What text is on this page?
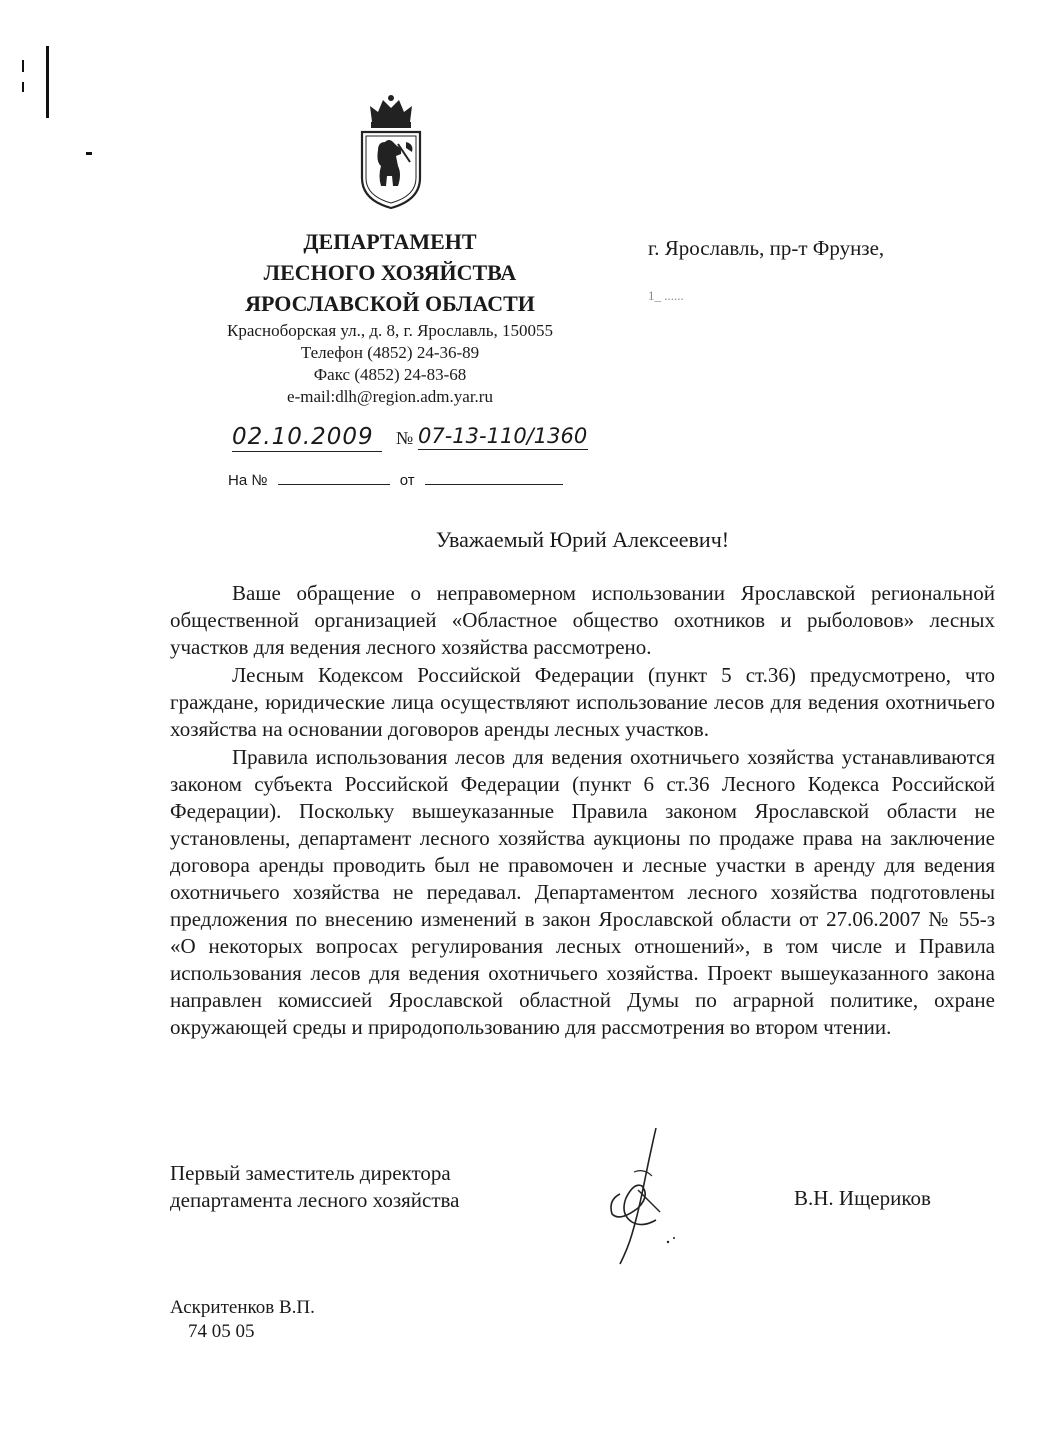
ДЕПАРТАМЕНТ
ЛЕСНОГО ХОЗЯЙСТВА
ЯРОСЛАВСКОЙ ОБЛАСТИ
Красноборская ул., д. 8, г. Ярославль, 150055
Телефон (4852) 24-36-89
Факс (4852) 24-83-68
e-mail:dlh@region.adm.yar.ru
г. Ярославль, пр-т Фрунзе,
1_ ......
02.10.2009	№ 07-13-110/1360
На №	от
Уважаемый Юрий Алексеевич!

Ваше обращение о неправомерном использовании Ярославской региональной общественной организацией «Областное общество охотников и рыболовов» лесных участков для ведения лесного хозяйства рассмотрено.

Лесным Кодексом Российской Федерации (пункт 5 ст.36) предусмотрено, что граждане, юридические лица осуществляют использование лесов для ведения охотничьего хозяйства на основании договоров аренды лесных участков.

Правила использования лесов для ведения охотничьего хозяйства устанавливаются законом субъекта Российской Федерации (пункт 6 ст.36 Лесного Кодекса Российской Федерации). Поскольку вышеуказанные Правила законом Ярославской области не установлены, департамент лесного хозяйства аукционы по продаже права на заключение договора аренды проводить был не правомочен и лесные участки в аренду для ведения охотничьего хозяйства не передавал. Департаментом лесного хозяйства подготовлены предложения по внесению изменений в закон Ярославской области от 27.06.2007 № 55-з «О некоторых вопросах регулирования лесных отношений», в том числе и Правила использования лесов для ведения охотничьего хозяйства. Проект вышеуказанного закона направлен комиссией Ярославской областной Думы по аграрной политике, охране окружающей среды и природопользованию для рассмотрения во втором чтении.

Первый заместитель директора
департамента лесного хозяйства	В.Н. Ищериков
Аскритенков В.П.
74 05 05
